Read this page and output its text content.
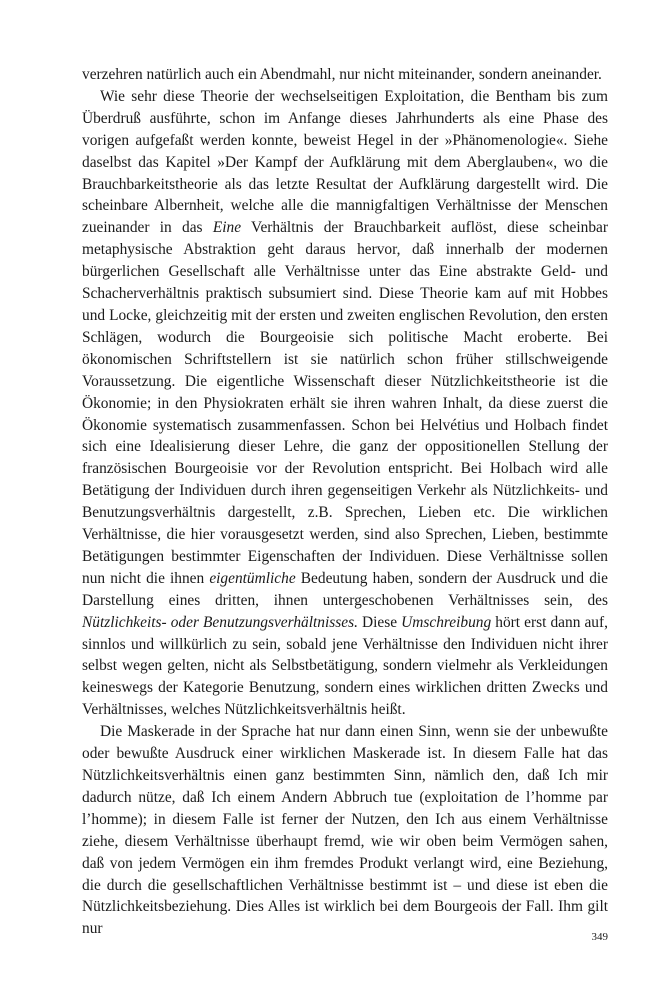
verzehren natürlich auch ein Abendmahl, nur nicht miteinander, sondern aneinander.

Wie sehr diese Theorie der wechselseitigen Exploitation, die Bentham bis zum Überdruß ausführte, schon im Anfange dieses Jahrhunderts als eine Phase des vorigen aufgefaßt werden konnte, beweist Hegel in der »Phänomenologie«. Siehe daselbst das Kapitel »Der Kampf der Aufklärung mit dem Aberglauben«, wo die Brauchbarkeitstheorie als das letzte Resultat der Aufklärung dargestellt wird. Die scheinbare Albernheit, welche alle die mannigfaltigen Verhältnisse der Menschen zueinander in das Eine Verhältnis der Brauchbarkeit auflöst, diese scheinbar metaphysische Abstraktion geht daraus hervor, daß innerhalb der modernen bürgerlichen Gesellschaft alle Verhältnisse unter das Eine abstrakte Geld- und Schacherverhältnis praktisch subsumiert sind. Diese Theorie kam auf mit Hobbes und Locke, gleichzeitig mit der ersten und zweiten englischen Revolution, den ersten Schlägen, wodurch die Bourgeoisie sich politische Macht eroberte. Bei ökonomischen Schriftstellern ist sie natürlich schon früher stillschweigende Voraussetzung. Die eigentliche Wissenschaft dieser Nützlichkeitstheorie ist die Ökonomie; in den Physiokraten erhält sie ihren wahren Inhalt, da diese zuerst die Ökonomie systematisch zusammenfassen. Schon bei Helvétius und Holbach findet sich eine Idealisierung dieser Lehre, die ganz der oppositionellen Stellung der französischen Bourgeoisie vor der Revolution entspricht. Bei Holbach wird alle Betätigung der Individuen durch ihren gegenseitigen Verkehr als Nützlichkeits- und Benutzungsverhältnis dargestellt, z.B. Sprechen, Lieben etc. Die wirklichen Verhältnisse, die hier vorausgesetzt werden, sind also Sprechen, Lieben, bestimmte Betätigungen bestimmter Eigenschaften der Individuen. Diese Verhältnisse sollen nun nicht die ihnen eigentümliche Bedeutung haben, sondern der Ausdruck und die Darstellung eines dritten, ihnen untergeschobenen Verhältnisses sein, des Nützlichkeits- oder Benutzungsverhältnisses. Diese Umschreibung hört erst dann auf, sinnlos und willkürlich zu sein, sobald jene Verhältnisse den Individuen nicht ihrer selbst wegen gelten, nicht als Selbstbetätigung, sondern vielmehr als Verkleidungen keineswegs der Kategorie Benutzung, sondern eines wirklichen dritten Zwecks und Verhältnisses, welches Nützlichkeitsverhältnis heißt.

Die Maskerade in der Sprache hat nur dann einen Sinn, wenn sie der unbewußte oder bewußte Ausdruck einer wirklichen Maskerade ist. In diesem Falle hat das Nützlichkeitsverhältnis einen ganz bestimmten Sinn, nämlich den, daß Ich mir dadurch nütze, daß Ich einem Andern Abbruch tue (exploitation de l’homme par l’homme); in diesem Falle ist ferner der Nutzen, den Ich aus einem Verhältnisse ziehe, diesem Verhältnisse überhaupt fremd, wie wir oben beim Vermögen sahen, daß von jedem Vermögen ein ihm fremdes Produkt verlangt wird, eine Beziehung, die durch die gesellschaftlichen Verhältnisse bestimmt ist – und diese ist eben die Nützlichkeitsbeziehung. Dies Alles ist wirklich bei dem Bourgeois der Fall. Ihm gilt nur	349
